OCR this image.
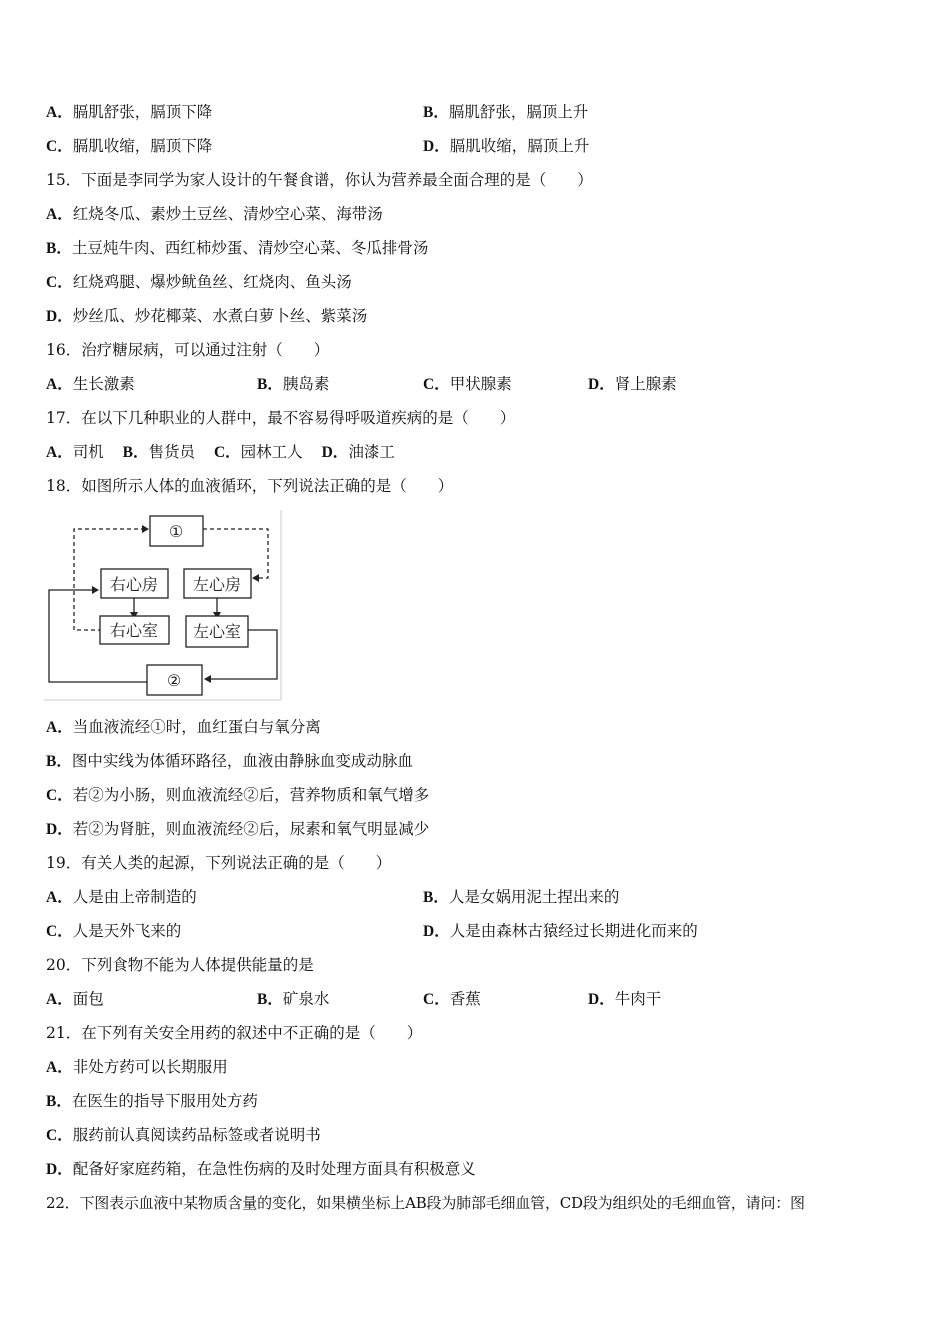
A．膈肌舒张，膈顶下降	B．膈肌舒张，膈顶上升
C．膈肌收缩，膈顶下降	D．膈肌收缩，膈顶上升
15．下面是李同学为家人设计的午餐食谱，你认为营养最全面合理的是（　　）
A．红烧冬瓜、素炒土豆丝、清炒空心菜、海带汤
B．土豆炖牛肉、西红柿炒蛋、清炒空心菜、冬瓜排骨汤
C．红烧鸡腿、爆炒鱿鱼丝、红烧肉、鱼头汤
D．炒丝瓜、炒花椰菜、水煮白萝卜丝、紫菜汤
16．治疗糖尿病，可以通过注射（　　）
A．生长激素	B．胰岛素	C．甲状腺素	D．肾上腺素
17．在以下几种职业的人群中，最不容易得呼吸道疾病的是（　　）
A．司机 B．售货员 C．园林工人 D．油漆工
18．如图所示人体的血液循环，下列说法正确的是（　　）
①
右心房 左心房
右心室 左心室
②
A．当血液流经①时，血红蛋白与氧分离
B．图中实线为体循环路径，血液由静脉血变成动脉血
C．若②为小肠，则血液流经②后，营养物质和氧气增多
D．若②为肾脏，则血液流经②后，尿素和氧气明显减少
19．有关人类的起源，下列说法正确的是（　　）
A．人是由上帝制造的	B．人是女娲用泥土捏出来的
C．人是天外飞来的	D．人是由森林古猿经过长期进化而来的
20．下列食物不能为人体提供能量的是
A．面包	B．矿泉水	C．香蕉	D．牛肉干
21．在下列有关安全用药的叙述中不正确的是（　　）
A．非处方药可以长期服用
B．在医生的指导下服用处方药
C．服药前认真阅读药品标签或者说明书
D．配备好家庭药箱，在急性伤病的及时处理方面具有积极意义
22．下图表示血液中某物质含量的变化，如果横坐标上AB段为肺部毛细血管，CD段为组织处的毛细血管，请问：图
